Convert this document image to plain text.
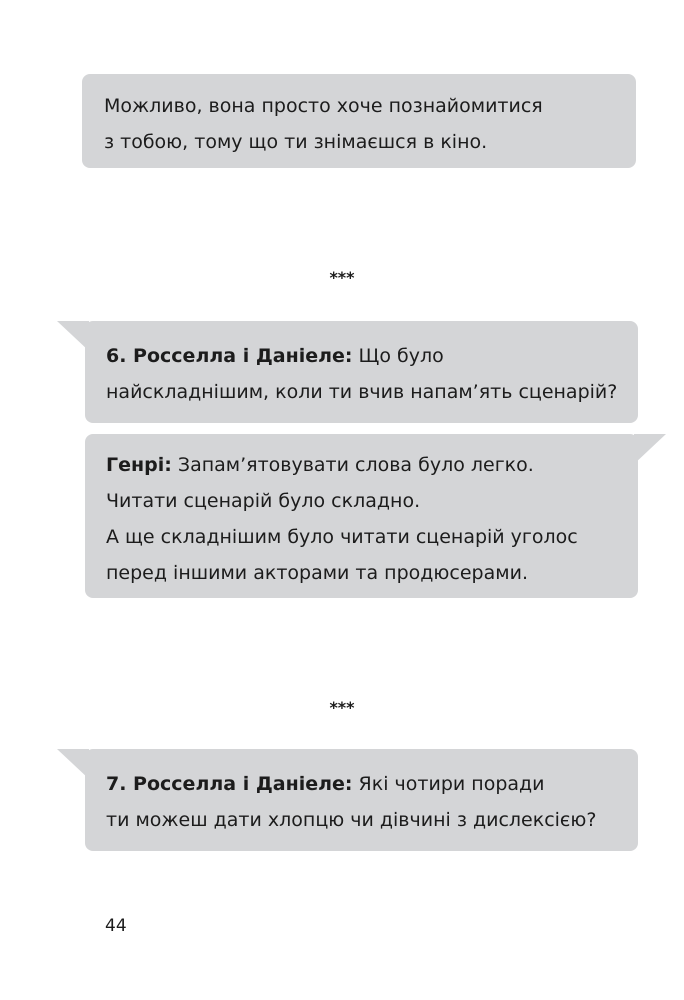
Можливо, вона просто хоче познайомитися
з тобою, тому що ти знімаєшся в кіно.
***
6. Росселла і Даніеле: Що було
найскладнішим, коли ти вчив напам’ять сценарій?
Генрі: Запам’ятовувати слова було легко.
Читати сценарій було складно.
А ще складнішим було читати сценарій уголос
перед іншими акторами та продюсерами.
***
7. Росселла і Даніеле: Які чотири поради
ти можеш дати хлопцю чи дівчині з дислексією?
44
